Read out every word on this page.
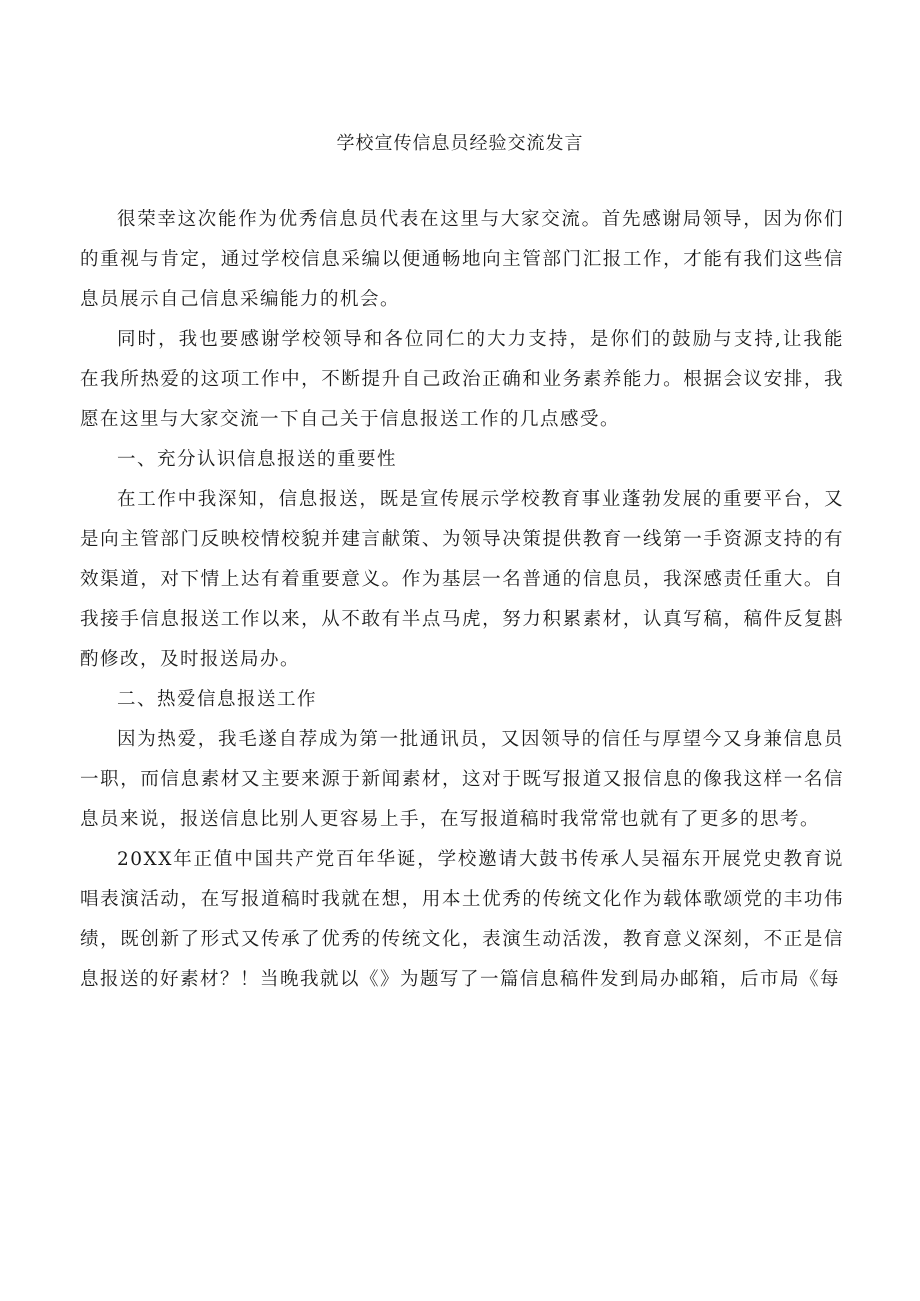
学校宣传信息员经验交流发言

很荣幸这次能作为优秀信息员代表在这里与大家交流。首先感谢局领导，因为你们的重视与肯定，通过学校信息采编以便通畅地向主管部门汇报工作，才能有我们这些信息员展示自己信息采编能力的机会。

同时，我也要感谢学校领导和各位同仁的大力支持，是你们的鼓励与支持,让我能在我所热爱的这项工作中，不断提升自己政治正确和业务素养能力。根据会议安排，我愿在这里与大家交流一下自己关于信息报送工作的几点感受。

一、充分认识信息报送的重要性

在工作中我深知，信息报送，既是宣传展示学校教育事业蓬勃发展的重要平台，又是向主管部门反映校情校貌并建言献策、为领导决策提供教育一线第一手资源支持的有效渠道，对下情上达有着重要意义。作为基层一名普通的信息员，我深感责任重大。自我接手信息报送工作以来，从不敢有半点马虎，努力积累素材，认真写稿，稿件反复斟酌修改，及时报送局办。

二、热爱信息报送工作

因为热爱，我毛遂自荐成为第一批通讯员，又因领导的信任与厚望今又身兼信息员一职，而信息素材又主要来源于新闻素材，这对于既写报道又报信息的像我这样一名信息员来说，报送信息比别人更容易上手，在写报道稿时我常常也就有了更多的思考。

20XX年正值中国共产党百年华诞，学校邀请大鼓书传承人吴福东开展党史教育说唱表演活动，在写报道稿时我就在想，用本土优秀的传统文化作为载体歌颂党的丰功伟绩，既创新了形式又传承了优秀的传统文化，表演生动活泼，教育意义深刻，不正是信息报送的好素材？！当晚我就以《》为题写了一篇信息稿件发到局办邮箱，后市局《每
